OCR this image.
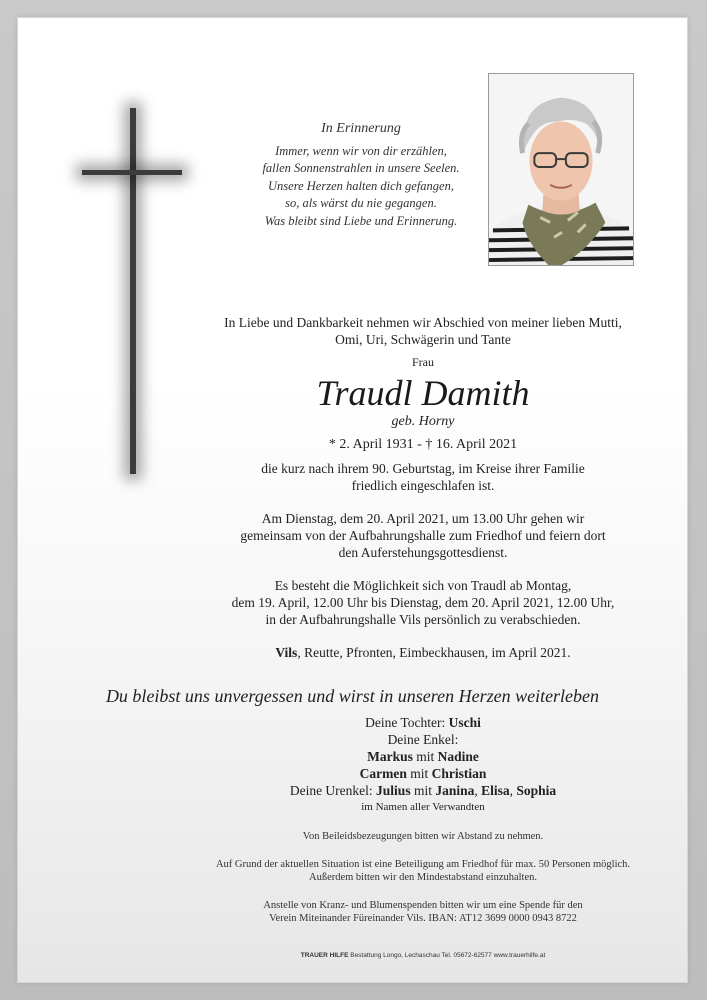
In Erinnerung
Immer, wenn wir von dir erzählen,
fallen Sonnenstrahlen in unsere Seelen.
Unsere Herzen halten dich gefangen,
so, als wärst du nie gegangen.
Was bleibt sind Liebe und Erinnerung.
In Liebe und Dankbarkeit nehmen wir Abschied von meiner lieben Mutti,
Omi, Uri, Schwägerin und Tante
Frau
Traudl Damith
geb. Horny
* 2. April 1931 - † 16. April 2021
die kurz nach ihrem 90. Geburtstag, im Kreise ihrer Familie
friedlich eingeschlafen ist.
Am Dienstag, dem 20. April 2021, um 13.00 Uhr gehen wir
gemeinsam von der Aufbahrungshalle zum Friedhof und feiern dort
den Auferstehungsgottesdienst.
Es besteht die Möglichkeit sich von Traudl ab Montag,
dem 19. April, 12.00 Uhr bis Dienstag, dem 20. April 2021, 12.00 Uhr,
in der Aufbahrungshalle Vils persönlich zu verabschieden.
Vils, Reutte, Pfronten, Eimbeckhausen, im April 2021.
Du bleibst uns unvergessen und wirst in unseren Herzen weiterleben
Deine Tochter: Uschi
Deine Enkel:
Markus mit Nadine
Carmen mit Christian
Deine Urenkel: Julius mit Janina, Elisa, Sophia
im Namen aller Verwandten
Von Beileidsbezeugungen bitten wir Abstand zu nehmen.
Auf Grund der aktuellen Situation ist eine Beteiligung am Friedhof für max. 50 Personen möglich.
Außerdem bitten wir den Mindestabstand einzuhalten.
Anstelle von Kranz- und Blumenspenden bitten wir um eine Spende für den
Verein Miteinander Füreinander Vils. IBAN: AT12 3699 0000 0943 8722
TRAUER HILFE Bestattung Longo, Lechaschau Tel. 05672-62577 www.trauerhilfe.at
